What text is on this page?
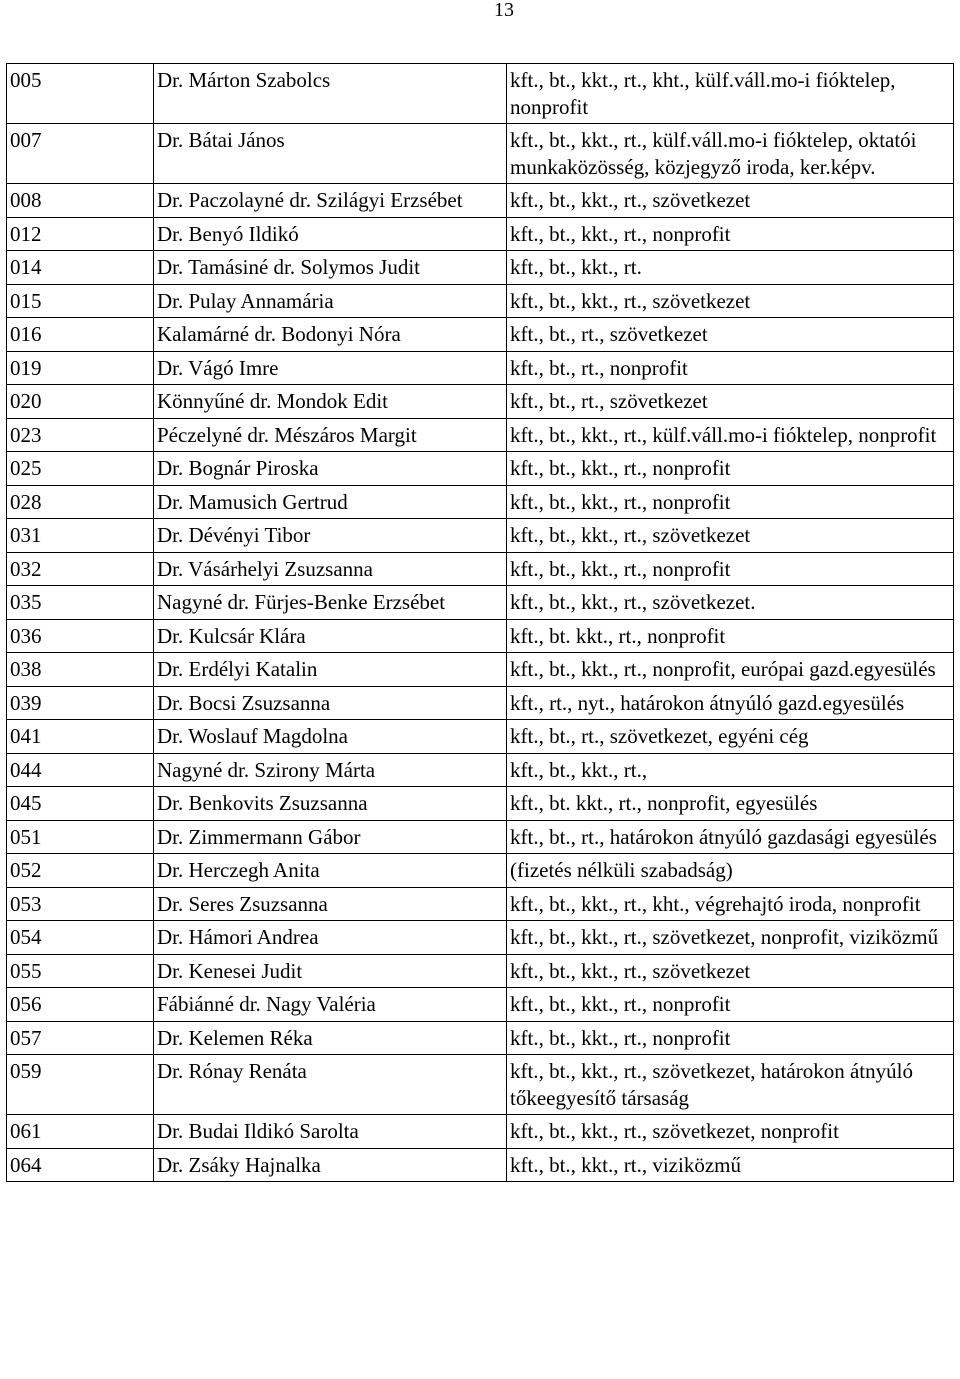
13
005	Dr. Márton Szabolcs	kft., bt., kkt., rt., kht., külf.váll.mo-i fióktelep, nonprofit
007	Dr. Bátai János	kft., bt., kkt., rt., külf.váll.mo-i fióktelep, oktatói munkaközösség, közjegyző iroda, ker.képv.
008	Dr. Paczolayné dr. Szilágyi Erzsébet	kft., bt., kkt., rt., szövetkezet
012	Dr. Benyó Ildikó	kft., bt., kkt., rt., nonprofit
014	Dr. Tamásiné dr. Solymos Judit	kft., bt., kkt., rt.
015	Dr. Pulay Annamária	kft., bt., kkt., rt., szövetkezet
016	Kalamárné dr. Bodonyi Nóra	kft., bt., rt., szövetkezet
019	Dr. Vágó Imre	kft., bt., rt., nonprofit
020	Könnyűné dr. Mondok Edit	kft., bt., rt., szövetkezet
023	Péczelyné dr. Mészáros Margit	kft., bt., kkt., rt., külf.váll.mo-i fióktelep, nonprofit
025	Dr. Bognár Piroska	kft., bt., kkt., rt., nonprofit
028	Dr. Mamusich Gertrud	kft., bt., kkt., rt., nonprofit
031	Dr. Dévényi Tibor	kft., bt., kkt., rt., szövetkezet
032	Dr. Vásárhelyi Zsuzsanna	kft., bt., kkt., rt., nonprofit
035	Nagyné dr. Fürjes-Benke Erzsébet	kft., bt., kkt., rt., szövetkezet.
036	Dr. Kulcsár Klára	kft., bt. kkt., rt., nonprofit
038	Dr. Erdélyi Katalin	kft., bt., kkt., rt., nonprofit, európai gazd.egyesülés
039	Dr. Bocsi Zsuzsanna	kft., rt., nyt., határokon átnyúló gazd.egyesülés
041	Dr. Woslauf Magdolna	kft., bt., rt., szövetkezet, egyéni cég
044	Nagyné dr. Szirony Márta	kft., bt., kkt., rt.,
045	Dr. Benkovits Zsuzsanna	kft., bt. kkt., rt., nonprofit, egyesülés
051	Dr. Zimmermann Gábor	kft., bt., rt., határokon átnyúló gazdasági egyesülés
052	Dr. Herczegh Anita	(fizetés nélküli szabadság)
053	Dr. Seres Zsuzsanna	kft., bt., kkt., rt., kht., végrehajtó iroda, nonprofit
054	Dr. Hámori Andrea	kft., bt., kkt., rt., szövetkezet, nonprofit, viziközmű
055	Dr. Kenesei Judit	kft., bt., kkt., rt., szövetkezet
056	Fábiánné dr. Nagy Valéria	kft., bt., kkt., rt., nonprofit
057	Dr. Kelemen Réka	kft., bt., kkt., rt., nonprofit
059	Dr. Rónay Renáta	kft., bt., kkt., rt., szövetkezet, határokon átnyúló tőkeegyesítő társaság
061	Dr. Budai Ildikó Sarolta	kft., bt., kkt., rt., szövetkezet, nonprofit
064	Dr. Zsáky Hajnalka	kft., bt., kkt., rt., viziközmű
